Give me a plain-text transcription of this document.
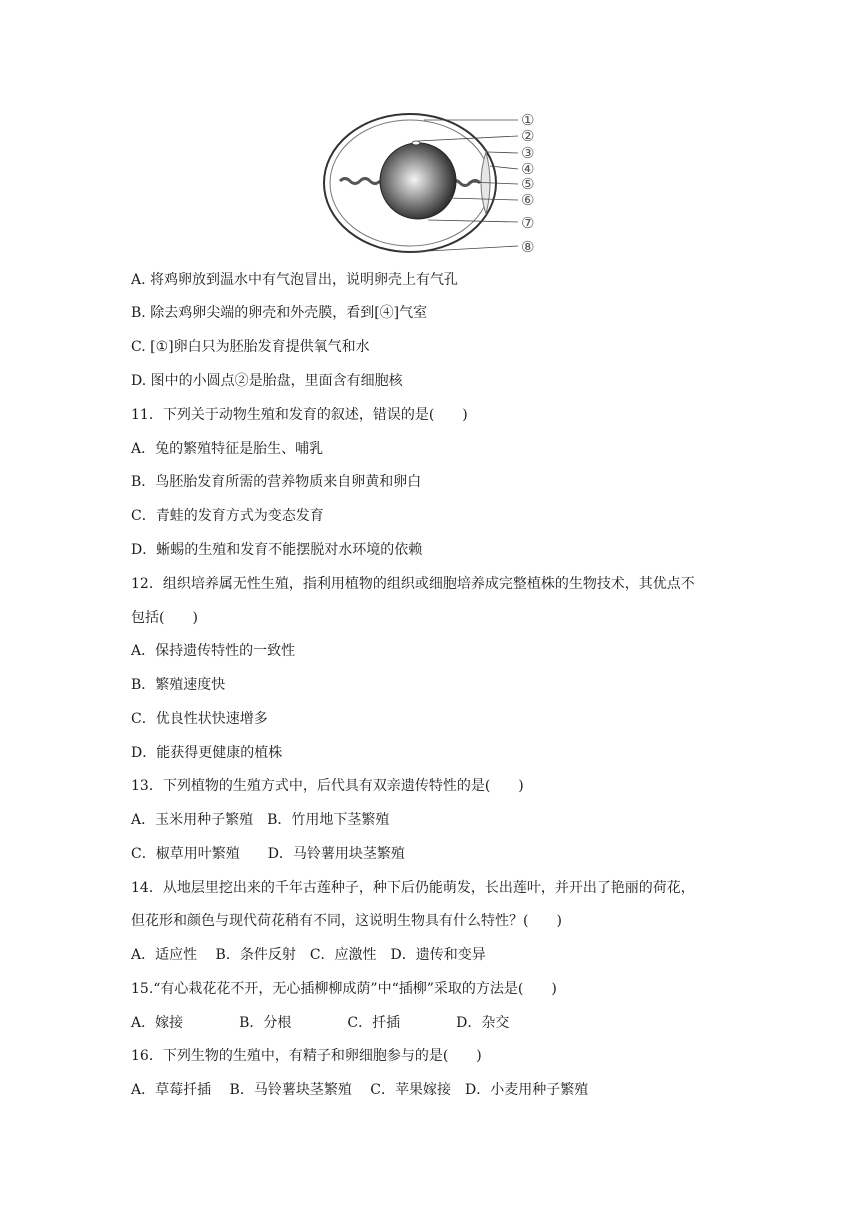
①
②
③
④
⑤
⑥
⑦
⑧
A. 将鸡卵放到温水中有气泡冒出，说明卵壳上有气孔
B. 除去鸡卵尖端的卵壳和外壳膜，看到[④]气室
C. [①]卵白只为胚胎发育提供氧气和水
D. 图中的小圆点②是胎盘，里面含有细胞核
11．下列关于动物生殖和发育的叙述，错误的是(　　)
A．兔的繁殖特征是胎生、哺乳
B．鸟胚胎发育所需的营养物质来自卵黄和卵白
C．青蛙的发育方式为变态发育
D．蜥蜴的生殖和发育不能摆脱对水环境的依赖
12．组织培养属无性生殖，指利用植物的组织或细胞培养成完整植株的生物技术，其优点不
包括(　　)
A．保持遗传特性的一致性
B．繁殖速度快
C．优良性状快速增多
D．能获得更健康的植株
13．下列植物的生殖方式中，后代具有双亲遗传特性的是(　　)
A．玉米用种子繁殖　B．竹用地下茎繁殖
C．椒草用叶繁殖　　D．马铃薯用块茎繁殖
14．从地层里挖出来的千年古莲种子，种下后仍能萌发，长出莲叶，并开出了艳丽的荷花，
但花形和颜色与现代荷花稍有不同，这说明生物具有什么特性？(　　)
A．适应性　 B．条件反射　C．应激性　D．遗传和变异
15.“有心栽花花不开，无心插柳柳成荫”中“插柳”采取的方法是(　　)
A．嫁接　　　　B．分根　　　　C．扦插　　　　D．杂交
16．下列生物的生殖中，有精子和卵细胞参与的是(　　)
A．草莓扦插　 B．马铃薯块茎繁殖　 C．苹果嫁接　D．小麦用种子繁殖
